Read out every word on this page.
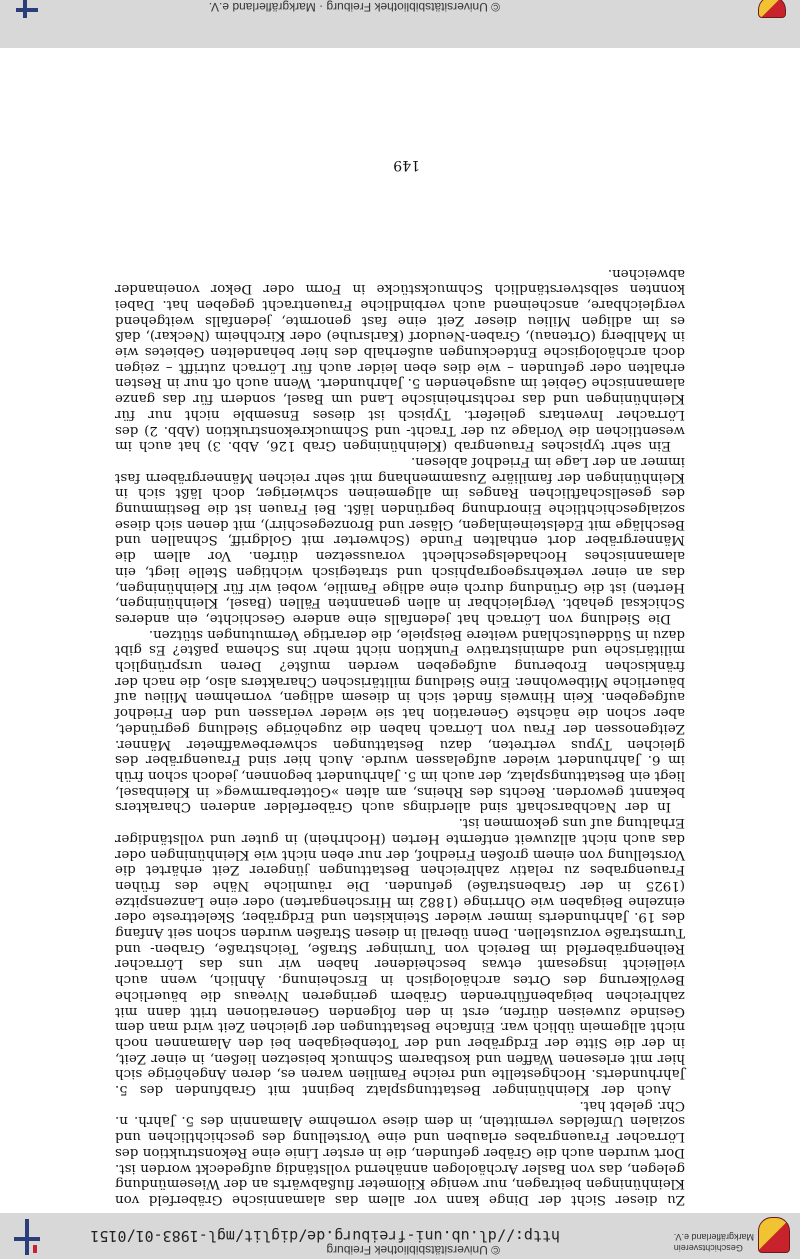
Geschichtsverein
Markgräflerland e.V.
© Universitätsbibliothek Freiburg
http://dl.ub.uni-freiburg.de/diglit/mgl-1983-01/0151
© Universitätsbibliothek Freiburg · Markgräflerland e.V.
149

Zu dieser Sicht der Dinge kann vor allem das alamannische Gräberfeld von Kleinhüningen beitragen, nur wenige Kilometer flußabwärts an der Wiesemündung gelegen, das von Basler Archäologen annähernd vollständig aufgedeckt worden ist. Dort wurden auch die Gräber gefunden, die in erster Linie eine Rekonstruktion des Lörracher Frauengrabes erlauben und eine Vorstellung des geschichtlichen und sozialen Umfeldes vermitteln, in dem diese vornehme Alamannin des 5. Jahrh. n. Chr. gelebt hat.

Auch der Kleinhüninger Bestattungsplatz beginnt mit Grabfunden des 5. Jahrhunderts. Hochgestellte und reiche Familien waren es, deren Angehörige sich hier mit erlesenen Waffen und kostbarem Schmuck beisetzen ließen, in einer Zeit, in der die Sitte der Erdgräber und der Totenbeigaben bei den Alamannen noch nicht allgemein üblich war. Einfache Bestattungen der gleichen Zeit wird man dem Gesinde zuweisen dürfen, erst in den folgenden Generationen tritt dann mit zahlreichen beigabenführenden Gräbern geringeren Niveaus die bäuerliche Bevölkerung des Ortes archäologisch in Erscheinung. Ähnlich, wenn auch vielleicht insgesamt etwas bescheidener haben wir uns das Lörracher Reihengräberfeld im Bereich von Turninger Straße, Teichstraße, Graben- und Turmstraße vorzustellen. Denn überall in diesen Straßen wurden schon seit Anfang des 19. Jahrhunderts immer wieder Steinkisten und Erdgräber, Skelettreste oder einzelne Beigaben wie Ohrringe (1882 im Hirschengarten) oder eine Lanzenspitze (1925 in der Grabenstraße) gefunden. Die räumliche Nähe des frühen Frauengrabes zu relativ zahlreichen Bestattungen jüngerer Zeit erhärtet die Vorstellung von einem großen Friedhof, der nur eben nicht wie Kleinhüningen oder das auch nicht allzuweit entfernte Herten (Hochrhein) in guter und vollständiger Erhaltung auf uns gekommen ist.

In der Nachbarschaft sind allerdings auch Gräberfelder anderen Charakters bekannt geworden. Rechts des Rheins, am alten »Gotterbarmweg« in Kleinbasel, liegt ein Bestattungsplatz, der auch im 5. Jahrhundert begonnen, jedoch schon früh im 6. Jahrhundert wieder aufgelassen wurde. Auch hier sind Frauengräber des gleichen Typus vertreten, dazu Bestattungen schwerbewaffneter Männer. Zeitgenossen der Frau von Lörrach haben die zugehörige Siedlung gegründet, aber schon die nächste Generation hat sie wieder verlassen und den Friedhof aufgegeben. Kein Hinweis findet sich in diesem adligen, vornehmen Milieu auf bäuerliche Mitbewohner. Eine Siedlung militärischen Charakters also, die nach der fränkischen Eroberung aufgegeben werden mußte? Deren ursprünglich militärische und administrative Funktion nicht mehr ins Schema paßte? Es gibt dazu in Süddeutschland weitere Beispiele, die derartige Vermutungen stützen.

Die Siedlung von Lörrach hat jedenfalls eine andere Geschichte, ein anderes Schicksal gehabt. Vergleichbar in allen genannten Fällen (Basel, Kleinhüningen, Herten) ist die Gründung durch eine adlige Familie, wobei wir für Kleinhüningen, das an einer verkehrsgeographisch und strategisch wichtigen Stelle liegt, ein alamannisches Hochadelsgeschlecht voraussetzen dürfen. Vor allem die Männergräber dort enthalten Funde (Schwerter mit Goldgriff, Schnallen und Beschläge mit Edelsteineinlagen, Gläser und Bronzegeschirr), mit denen sich diese sozialgeschichtliche Einordnung begründen läßt. Bei Frauen ist die Bestimmung des gesellschaftlichen Ranges im allgemeinen schwieriger, doch läßt sich in Kleinhüningen der familiäre Zusammenhang mit sehr reichen Männergräbern fast immer an der Lage im Friedhof ablesen.

Ein sehr typisches Frauengrab (Kleinhüningen Grab 126, Abb. 3) hat auch im wesentlichen die Vorlage zu der Tracht- und Schmuckrekonstruktion (Abb. 2) des Lörracher Inventars geliefert. Typisch ist dieses Ensemble nicht nur für Kleinhüningen und das rechtsrheinische Land um Basel, sondern für das ganze alamannische Gebiet im ausgehenden 5. Jahrhundert. Wenn auch oft nur in Resten erhalten oder gefunden – wie dies eben leider auch für Lörrach zutrifft – zeigen doch archäologische Entdeckungen außerhalb des hier behandelten Gebietes wie in Mahlberg (Ortenau), Graben-Neudorf (Karlsruhe) oder Kirchheim (Neckar), daß es im adligen Milieu dieser Zeit eine fast genormte, jedenfalls weitgehend vergleichbare, anscheinend auch verbindliche Frauentracht gegeben hat. Dabei konnten selbstverständlich Schmuckstücke in Form oder Dekor voneinander abweichen.
